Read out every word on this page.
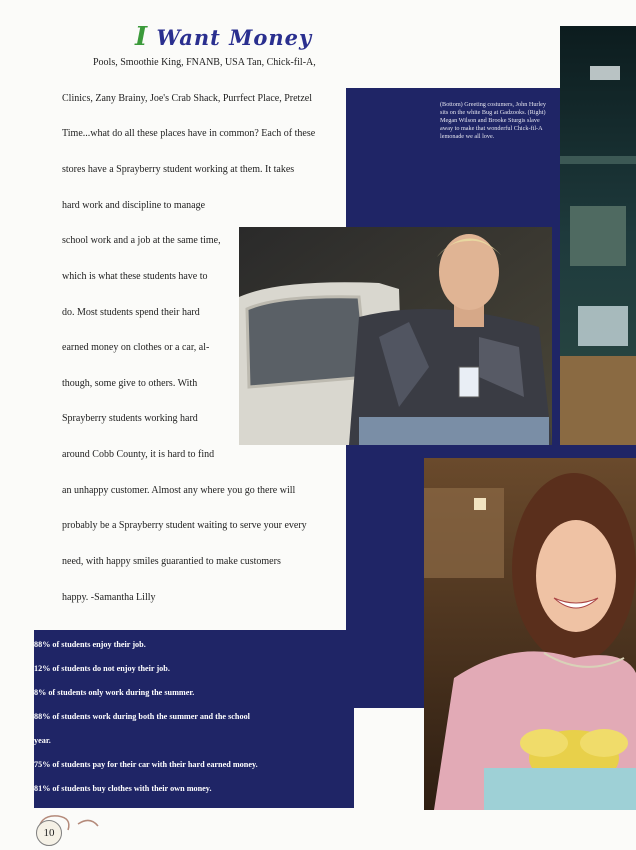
I Want Money

Pools, Smoothie King, FNANB, USA Tan, Chick-fil-A,

Clinics, Zany Brainy, Joe's Crab Shack, Purrfect Place, Pretzel

Time...what do all these places have in common? Each of these

stores have a Sprayberry student working at them. It takes

hard work and discipline to manage

school work and a job at the same time,

which is what these students have to

do. Most students spend their hard

earned money on clothes or a car, al-

though, some give to others. With

Sprayberry students working hard

around Cobb County, it is hard to find

an unhappy customer. Almost any where you go there will

probably be a Sprayberry student waiting to serve your every

need, with happy smiles guarantied to make customers

happy. -Samantha Lilly

(Bottom) Greeting costumers, John Hurley sits on the white Bug at Gadzooks. (Right) Megan Wilson and Brooke Sturgis slave away to make that wonderful Chick-fil-A lemonade we all love.

88% of students enjoy their job.

12% of students do not enjoy their job.

8% of students only work during the summer.

88% of students work during both the summer and the school

year.

75% of students pay for their car with their hard earned money.

81% of students buy clothes with their own money.

10
